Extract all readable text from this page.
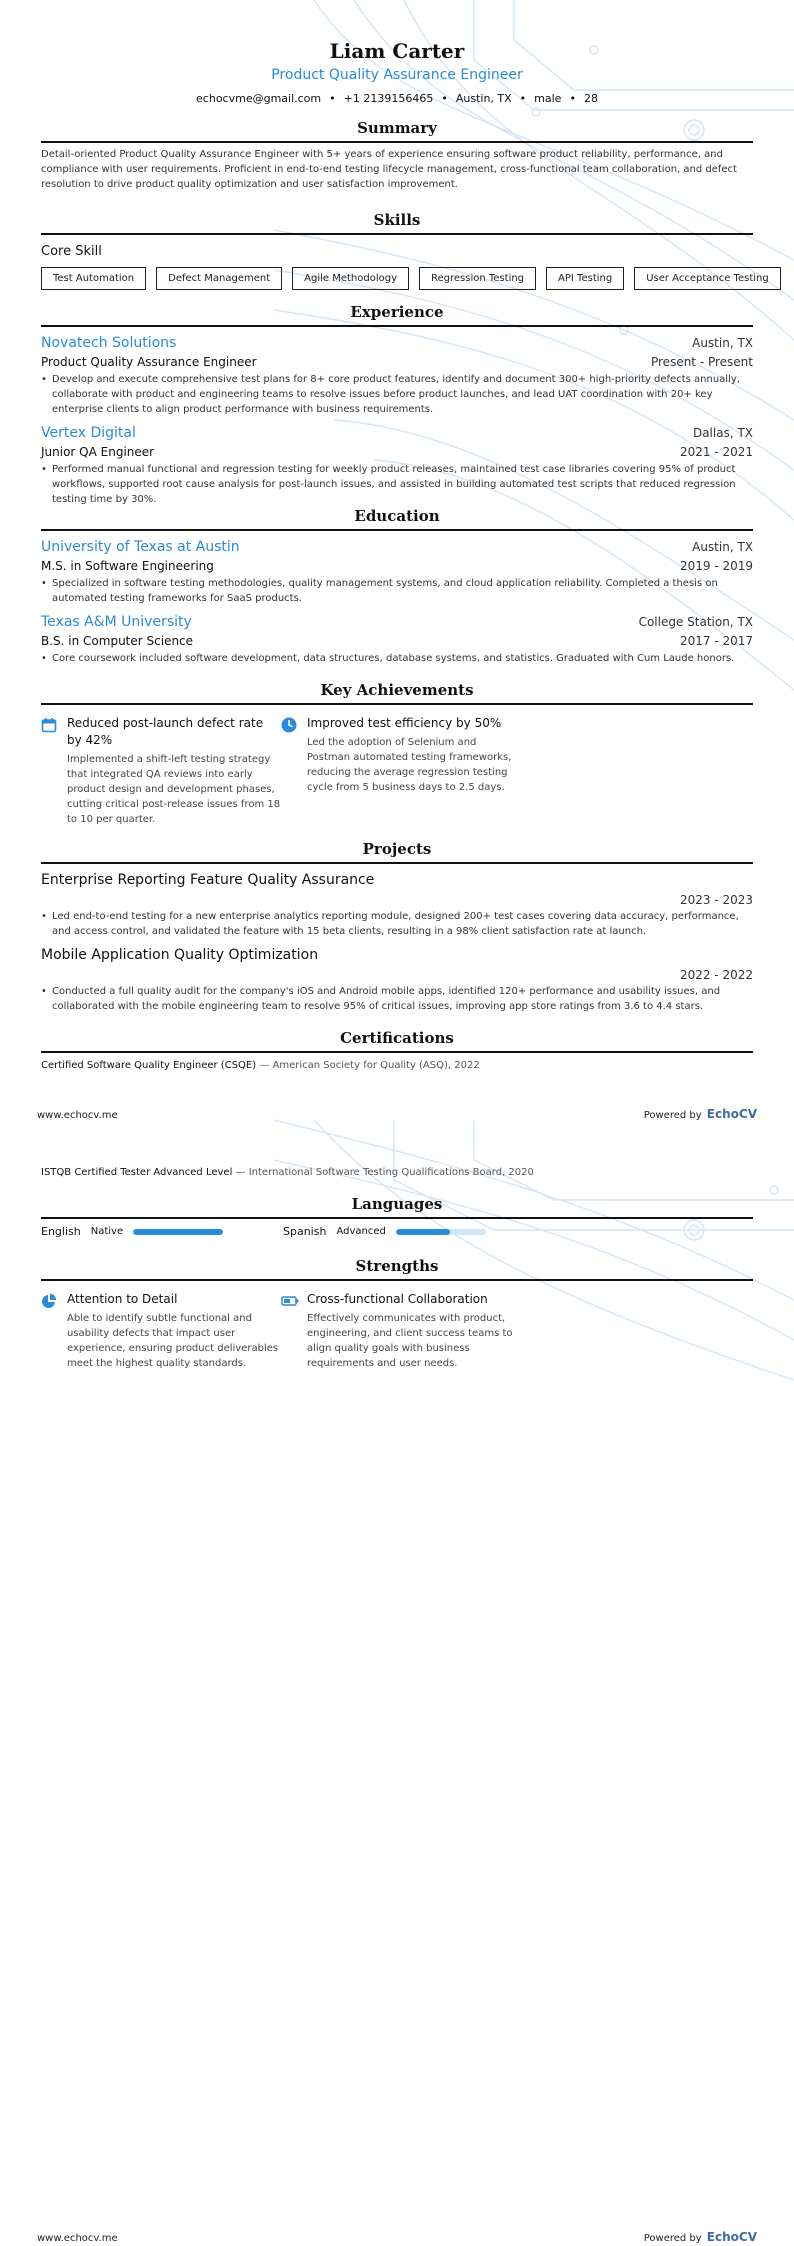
Liam Carter
Product Quality Assurance Engineer
echocvme@gmail.com • +1 2139156465 • Austin, TX • male • 28
Summary
Detail-oriented Product Quality Assurance Engineer with 5+ years of experience ensuring software product reliability, performance, and compliance with user requirements. Proficient in end-to-end testing lifecycle management, cross-functional team collaboration, and defect resolution to drive product quality optimization and user satisfaction improvement.
Skills
Core Skill
Test Automation	Defect Management	Agile Methodology	Regression Testing	API Testing	User Acceptance Testing
Experience
Novatech Solutions	Austin, TX
Product Quality Assurance Engineer	Present - Present
• Develop and execute comprehensive test plans for 8+ core product features, identify and document 300+ high-priority defects annually, collaborate with product and engineering teams to resolve issues before product launches, and lead UAT coordination with 20+ key enterprise clients to align product performance with business requirements.
Vertex Digital	Dallas, TX
Junior QA Engineer	2021 - 2021
• Performed manual functional and regression testing for weekly product releases, maintained test case libraries covering 95% of product workflows, supported root cause analysis for post-launch issues, and assisted in building automated test scripts that reduced regression testing time by 30%.
Education
University of Texas at Austin	Austin, TX
M.S. in Software Engineering	2019 - 2019
• Specialized in software testing methodologies, quality management systems, and cloud application reliability. Completed a thesis on automated testing frameworks for SaaS products.
Texas A&M University	College Station, TX
B.S. in Computer Science	2017 - 2017
• Core coursework included software development, data structures, database systems, and statistics. Graduated with Cum Laude honors.
Key Achievements
Reduced post-launch defect rate by 42%
Implemented a shift-left testing strategy that integrated QA reviews into early product design and development phases, cutting critical post-release issues from 18 to 10 per quarter.
Improved test efficiency by 50%
Led the adoption of Selenium and Postman automated testing frameworks, reducing the average regression testing cycle from 5 business days to 2.5 days.
Projects
Enterprise Reporting Feature Quality Assurance
2023 - 2023
• Led end-to-end testing for a new enterprise analytics reporting module, designed 200+ test cases covering data accuracy, performance, and access control, and validated the feature with 15 beta clients, resulting in a 98% client satisfaction rate at launch.
Mobile Application Quality Optimization
2022 - 2022
• Conducted a full quality audit for the company's iOS and Android mobile apps, identified 120+ performance and usability issues, and collaborated with the mobile engineering team to resolve 95% of critical issues, improving app store ratings from 3.6 to 4.4 stars.
Certifications
Certified Software Quality Engineer (CSQE) — American Society for Quality (ASQ), 2022
www.echocv.me	Powered by EchoCV
ISTQB Certified Tester Advanced Level — International Software Testing Qualifications Board, 2020
Languages
English Native	Spanish Advanced
Strengths
Attention to Detail
Able to identify subtle functional and usability defects that impact user experience, ensuring product deliverables meet the highest quality standards.
Cross-functional Collaboration
Effectively communicates with product, engineering, and client success teams to align quality goals with business requirements and user needs.
www.echocv.me	Powered by EchoCV
